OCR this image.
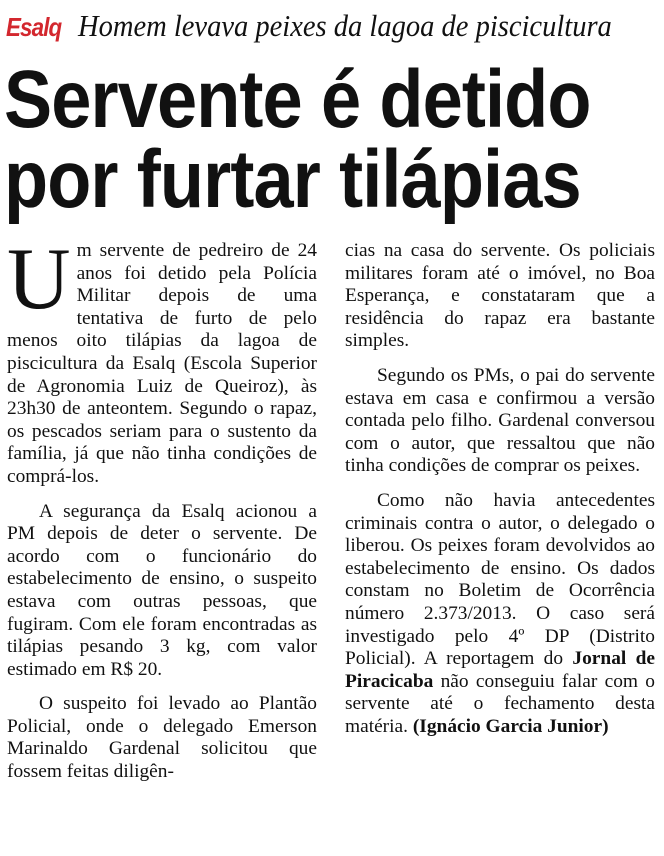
Esalq Homem levava peixes da lagoa de piscicultura
Servente é detido
por furtar tilápias

Um servente de pedreiro de 24 anos foi detido pela Polícia Militar depois de uma tentativa de furto de pelo menos oito tilápias da lagoa de piscicultura da Esalq (Escola Superior de Agronomia Luiz de Queiroz), às 23h30 de anteontem. Segundo o rapaz, os pescados seriam para o sustento da família, já que não tinha condições de comprá-los.

A segurança da Esalq acionou a PM depois de deter o servente. De acordo com o funcionário do estabelecimento de ensino, o suspeito estava com outras pessoas, que fugiram. Com ele foram encontradas as tilápias pesando 3 kg, com valor estimado em R$ 20.

O suspeito foi levado ao Plantão Policial, onde o delegado Emerson Marinaldo Gardenal solicitou que fossem feitas diligên-

cias na casa do servente. Os policiais militares foram até o imóvel, no Boa Esperança, e constataram que a residência do rapaz era bastante simples.

Segundo os PMs, o pai do servente estava em casa e confirmou a versão contada pelo filho. Gardenal conversou com o autor, que ressaltou que não tinha condições de comprar os peixes.

Como não havia antecedentes criminais contra o autor, o delegado o liberou. Os peixes foram devolvidos ao estabelecimento de ensino. Os dados constam no Boletim de Ocorrência número 2.373/2013. O caso será investigado pelo 4º DP (Distrito Policial). A reportagem do Jornal de Piracicaba não conseguiu falar com o servente até o fechamento desta matéria. (Ignácio Garcia Junior)
